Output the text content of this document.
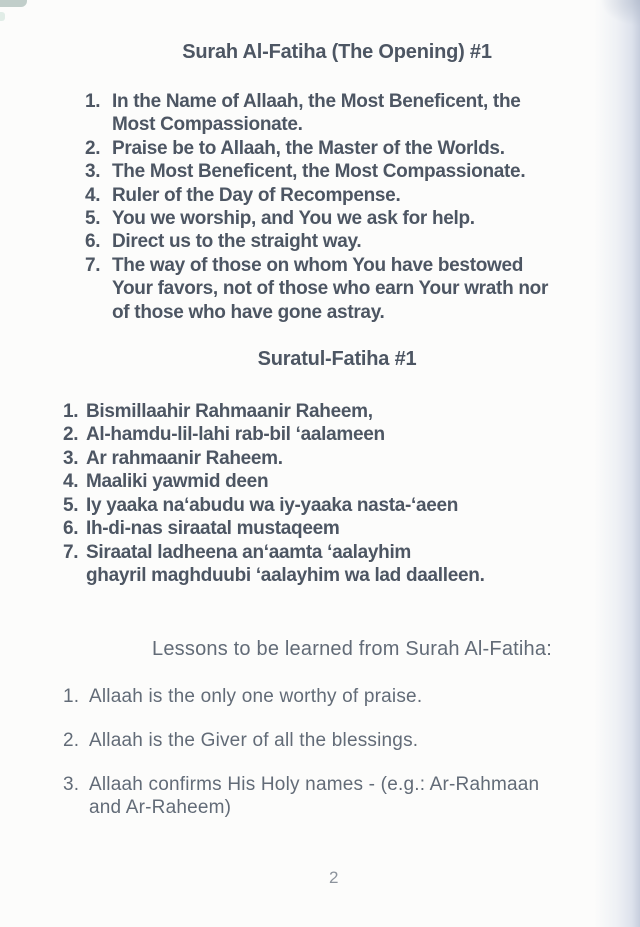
Surah Al-Fatiha (The Opening) #1
1. In the Name of Allaah, the Most Beneficent, the
Most Compassionate.
2. Praise be to Allaah, the Master of the Worlds.
3. The Most Beneficent, the Most Compassionate.
4. Ruler of the Day of Recompense.
5. You we worship, and You we ask for help.
6. Direct us to the straight way.
7. The way of those on whom You have bestowed
Your favors, not of those who earn Your wrath nor
of those who have gone astray.
Suratul-Fatiha #1
1. Bismillaahir Rahmaanir Raheem,
2. Al-hamdu-lil-lahi rab-bil ‘aalameen
3. Ar rahmaanir Raheem.
4. Maaliki yawmid deen
5. Iy yaaka na‘abudu wa iy-yaaka nasta-‘aeen
6. Ih-di-nas siraatal mustaqeem
7. Siraatal ladheena an‘aamta ‘aalayhim
ghayril maghduubi ‘aalayhim wa lad daalleen.
Lessons to be learned from Surah Al-Fatiha:
1. Allaah is the only one worthy of praise.
2. Allaah is the Giver of all the blessings.
3. Allaah confirms His Holy names - (e.g.: Ar-Rahmaan
and Ar-Raheem)
2
